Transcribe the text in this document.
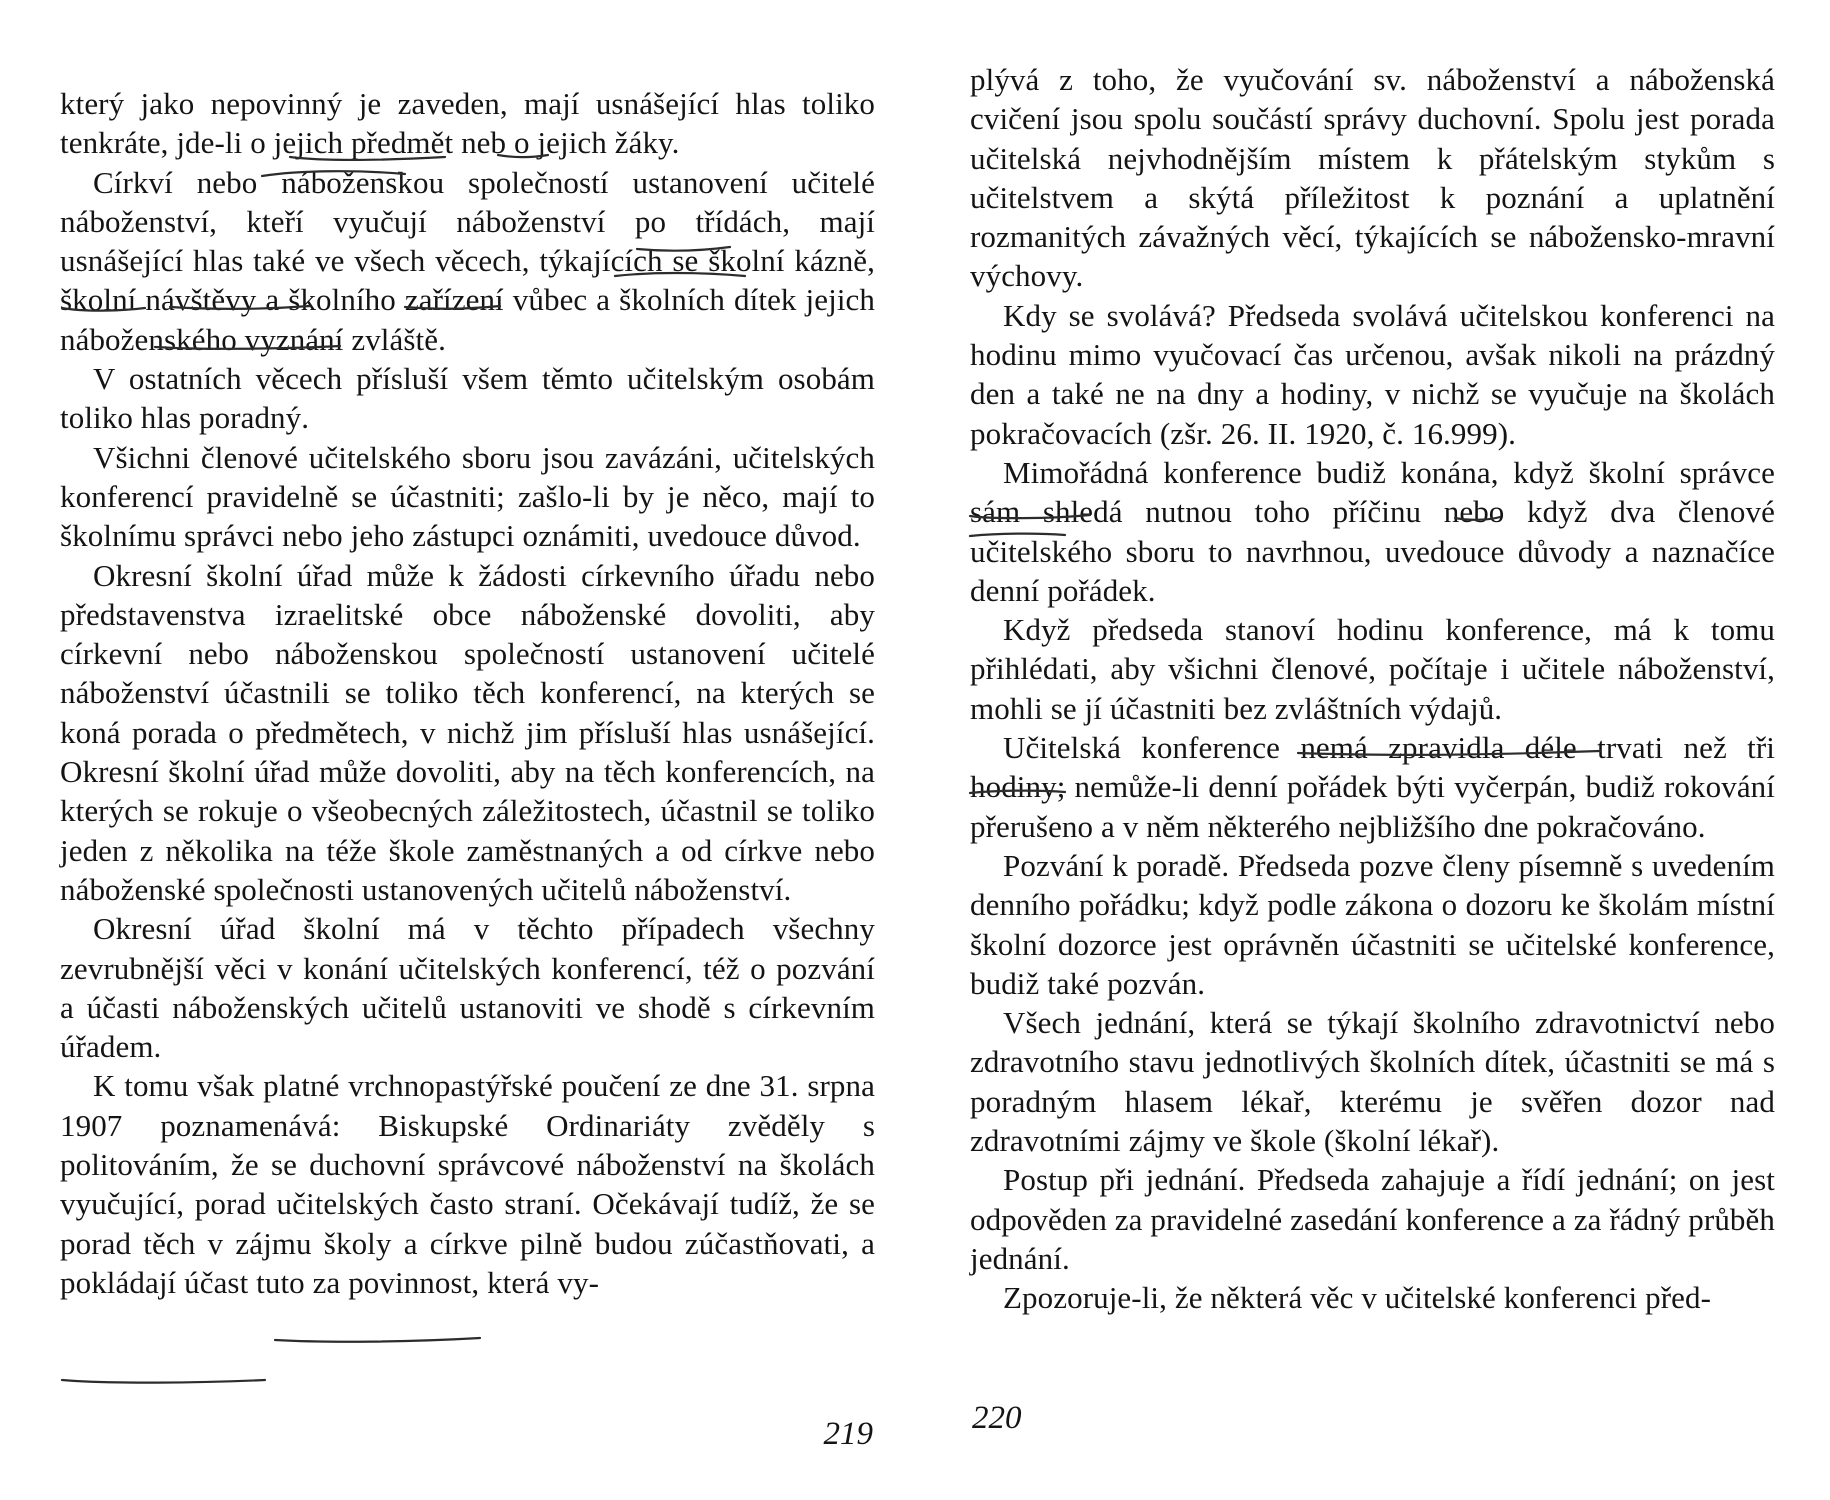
který jako nepovinný je zaveden, mají usnášející hlas toliko tenkráte, jde-li o jejich předmět neb o jejich žáky.

Církví nebo náboženskou společností ustanovení učitelé náboženství, kteří vyučují náboženství po třídách, mají usnášející hlas také ve všech věcech, týkajících se školní kázně, školní návštěvy a školního zařízení vůbec a školních dítek jejich náboženského vyznání zvláště.

V ostatních věcech přísluší všem těmto učitelským osobám toliko hlas poradný.

Všichni členové učitelského sboru jsou zavázáni, učitelských konferencí pravidelně se účastniti; zašlo-li by je něco, mají to školnímu správci nebo jeho zástupci oznámiti, uvedouce důvod.

Okresní školní úřad může k žádosti církevního úřadu nebo představenstva izraelitské obce náboženské dovoliti, aby církevní nebo náboženskou společností ustanovení učitelé náboženství účastnili se toliko těch konferencí, na kterých se koná porada o předmětech, v nichž jim přísluší hlas usnášející. Okresní školní úřad může dovoliti, aby na těch konferencích, na kterých se rokuje o všeobecných záležitostech, účastnil se toliko jeden z několika na téže škole zaměstnaných a od církve nebo náboženské společnosti ustanovených učitelů náboženství.

Okresní úřad školní má v těchto případech všechny zevrubnější věci v konání učitelských konferencí, též o pozvání a účasti náboženských učitelů ustanoviti ve shodě s církevním úřadem.

K tomu však platné vrchnopastýřské poučení ze dne 31. srpna 1907 poznamenává: Biskupské Ordinariáty zvěděly s politováním, že se duchovní správcové náboženství na školách vyučující, porad učitelských často straní. Očekávají tudíž, že se porad těch v zájmu školy a církve pilně budou zúčastňovati, a pokládají účast tuto za povinnost, která vy-

219

plývá z toho, že vyučování sv. náboženství a náboženská cvičení jsou spolu součástí správy duchovní. Spolu jest porada učitelská nejvhodnějším místem k přátelským stykům s učitelstvem a skýtá příležitost k poznání a uplatnění rozmanitých závažných věcí, týkajících se nábožensko-mravní výchovy.

Kdy se svolává? Předseda svolává učitelskou konferenci na hodinu mimo vyučovací čas určenou, avšak nikoli na prázdný den a také ne na dny a hodiny, v nichž se vyučuje na školách pokračovacích (zšr. 26. II. 1920, č. 16.999).

Mimořádná konference budiž konána, když školní správce sám shledá nutnou toho příčinu nebo když dva členové učitelského sboru to navrhnou, uvedouce důvody a naznačíce denní pořádek.

Když předseda stanoví hodinu konference, má k tomu přihlédati, aby všichni členové, počítaje i učitele náboženství, mohli se jí účastniti bez zvláštních výdajů.

Učitelská konference nemá zpravidla déle trvati než tři hodiny; nemůže-li denní pořádek býti vyčerpán, budiž rokování přerušeno a v něm některého nejbližšího dne pokračováno.

Pozvání k poradě. Předseda pozve členy písemně s uvedením denního pořádku; když podle zákona o dozoru ke školám místní školní dozorce jest oprávněn účastniti se učitelské konference, budiž také pozván.

Všech jednání, která se týkají školního zdravotnictví nebo zdravotního stavu jednotlivých školních dítek, účastniti se má s poradným hlasem lékař, kterému je svěřen dozor nad zdravotními zájmy ve škole (školní lékař).

Postup při jednání. Předseda zahajuje a řídí jednání; on jest odpověden za pravidelné zasedání konference a za řádný průběh jednání.

Zpozoruje-li, že některá věc v učitelské konferenci před-

220
